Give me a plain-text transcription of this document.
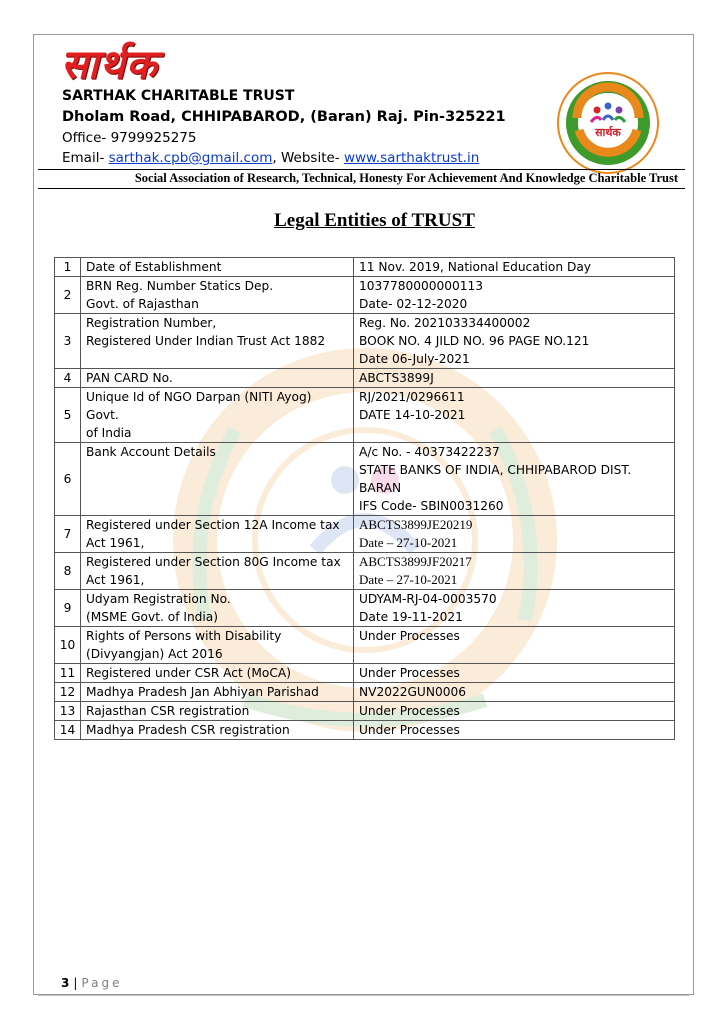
सार्थक
SARTHAK CHARITABLE TRUST
Dholam Road, CHHIPABAROD, (Baran) Raj. Pin-325221
Office- 9799925275
Email- sarthak.cpb@gmail.com, Website- www.sarthaktrust.in
सार्थक
Social Association of Research, Technical, Honesty For Achievement And Knowledge Charitable Trust
Legal Entities of TRUST
1	Date of Establishment	11 Nov. 2019, National Education Day
2	BRN Reg. Number Statics Dep.
Govt. of Rajasthan	1037780000000113
Date- 02-12-2020
3	Registration Number,
Registered Under Indian Trust Act 1882	Reg. No. 202103334400002
BOOK NO. 4 JILD NO. 96 PAGE NO.121
Date 06-July-2021
4	PAN CARD No.	ABCTS3899J
5	Unique Id of NGO Darpan (NITI Ayog) Govt.
of India	RJ/2021/0296611
DATE 14-10-2021
6	Bank Account Details	A/c No. - 40373422237
STATE BANKS OF INDIA, CHHIPABAROD DIST.
BARAN
IFS Code- SBIN0031260
7	Registered under Section 12A Income tax
Act 1961,	ABCTS3899JE20219
Date – 27-10-2021
8	Registered under Section 80G Income tax
Act 1961,	ABCTS3899JF20217
Date – 27-10-2021
9	Udyam Registration No.
(MSME Govt. of India)	UDYAM-RJ-04-0003570
Date 19-11-2021
10	Rights of Persons with Disability
(Divyangjan) Act 2016	Under Processes
11	Registered under CSR Act (MoCA)	Under Processes
12	Madhya Pradesh Jan Abhiyan Parishad	NV2022GUN0006
13	Rajasthan CSR registration	Under Processes
14	Madhya Pradesh CSR registration	Under Processes
3 | Page
